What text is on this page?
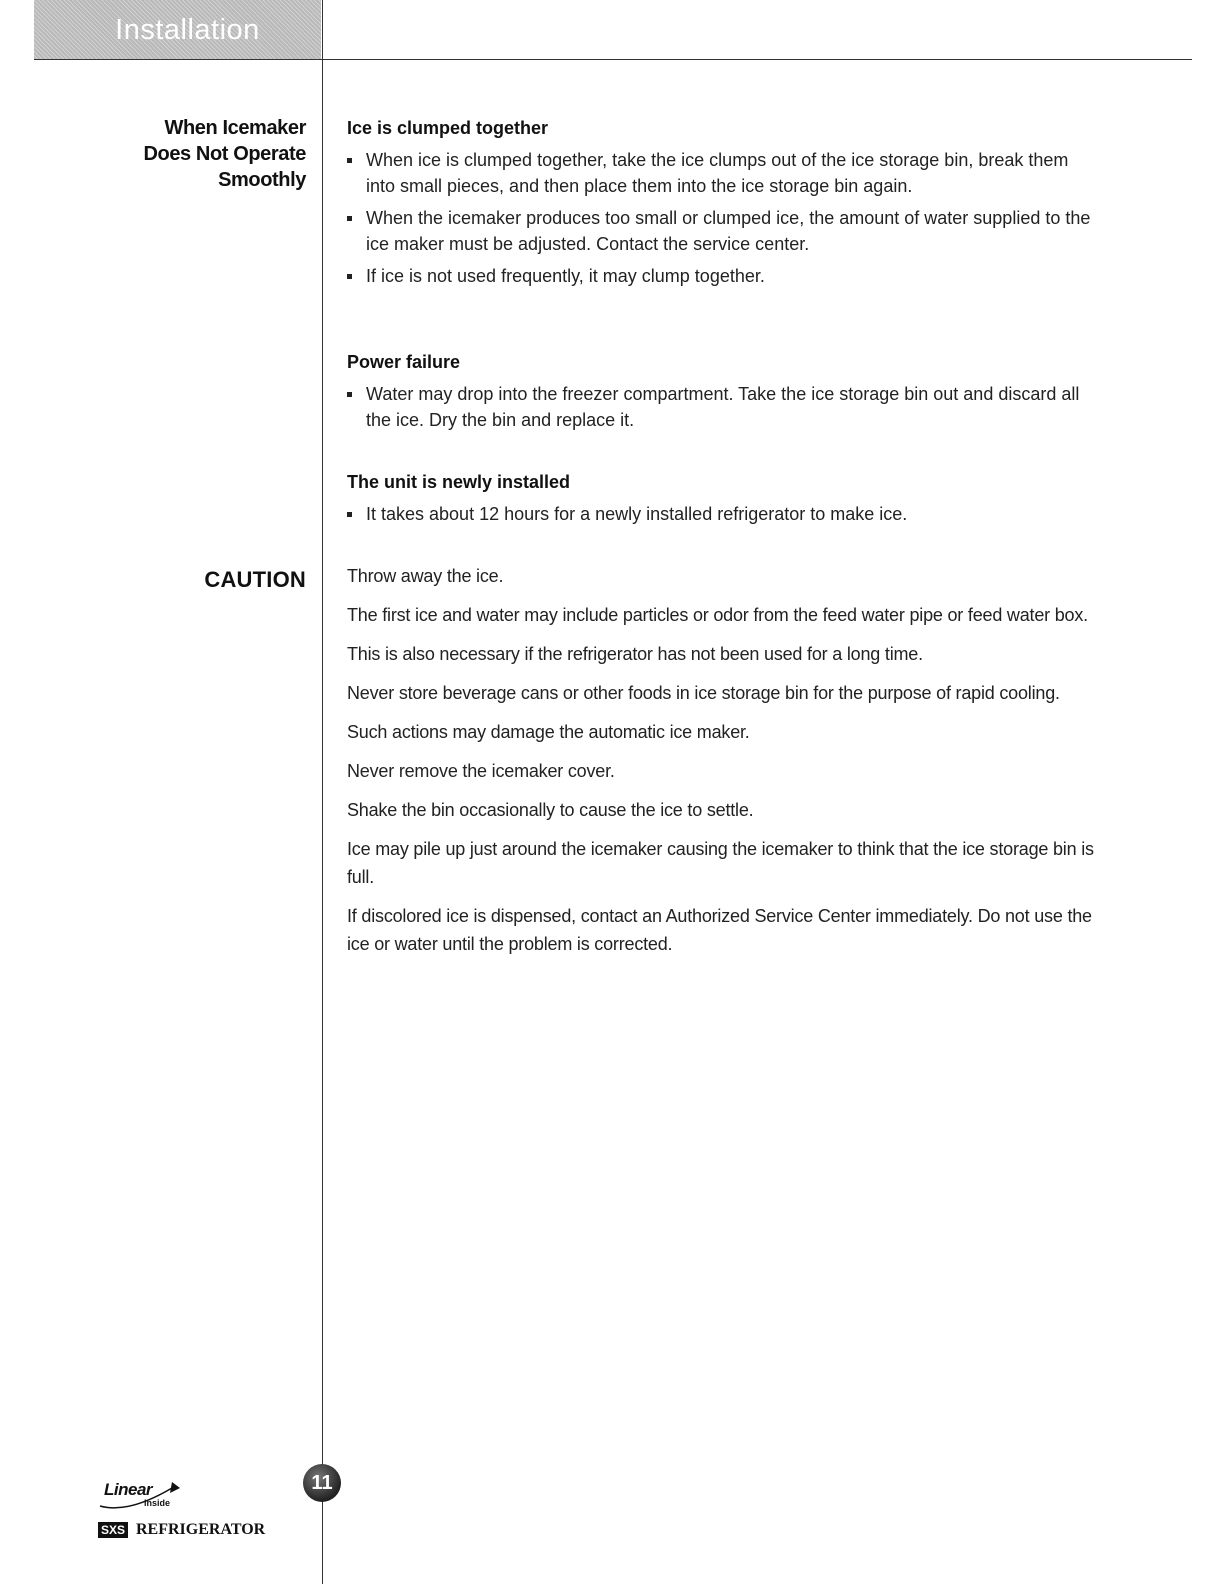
Installation
When Icemaker
Does Not Operate
Smoothly
CAUTION
Ice is clumped together
When ice is clumped together, take the ice clumps out of the ice storage bin, break them into small pieces, and then place them into the ice storage bin again.
When the icemaker produces too small or clumped ice, the amount of water supplied to the ice maker must be adjusted. Contact the service center.
If ice is not used frequently, it may clump together.
Power failure
Water may drop into the freezer compartment. Take the ice storage bin out and discard all the ice. Dry the bin and replace it.
The unit is newly installed
It takes about 12 hours for a newly installed refrigerator to make ice.

Throw away the ice.

The first ice and water may include particles or odor from the feed water pipe or feed water box.

This is also necessary if the refrigerator has not been used for a long time.

Never store beverage cans or other foods in ice storage bin for the purpose of rapid cooling.

Such actions may damage the automatic ice maker.

Never remove the icemaker cover.

Shake the bin occasionally to cause the ice to settle.

Ice may pile up just around the icemaker causing the icemaker to think that the ice storage bin is full.

If discolored ice is dispensed, contact an Authorized Service Center immediately. Do not use the ice or water until the problem is corrected.

11
Linear
inside
SXS REFRIGERATOR
